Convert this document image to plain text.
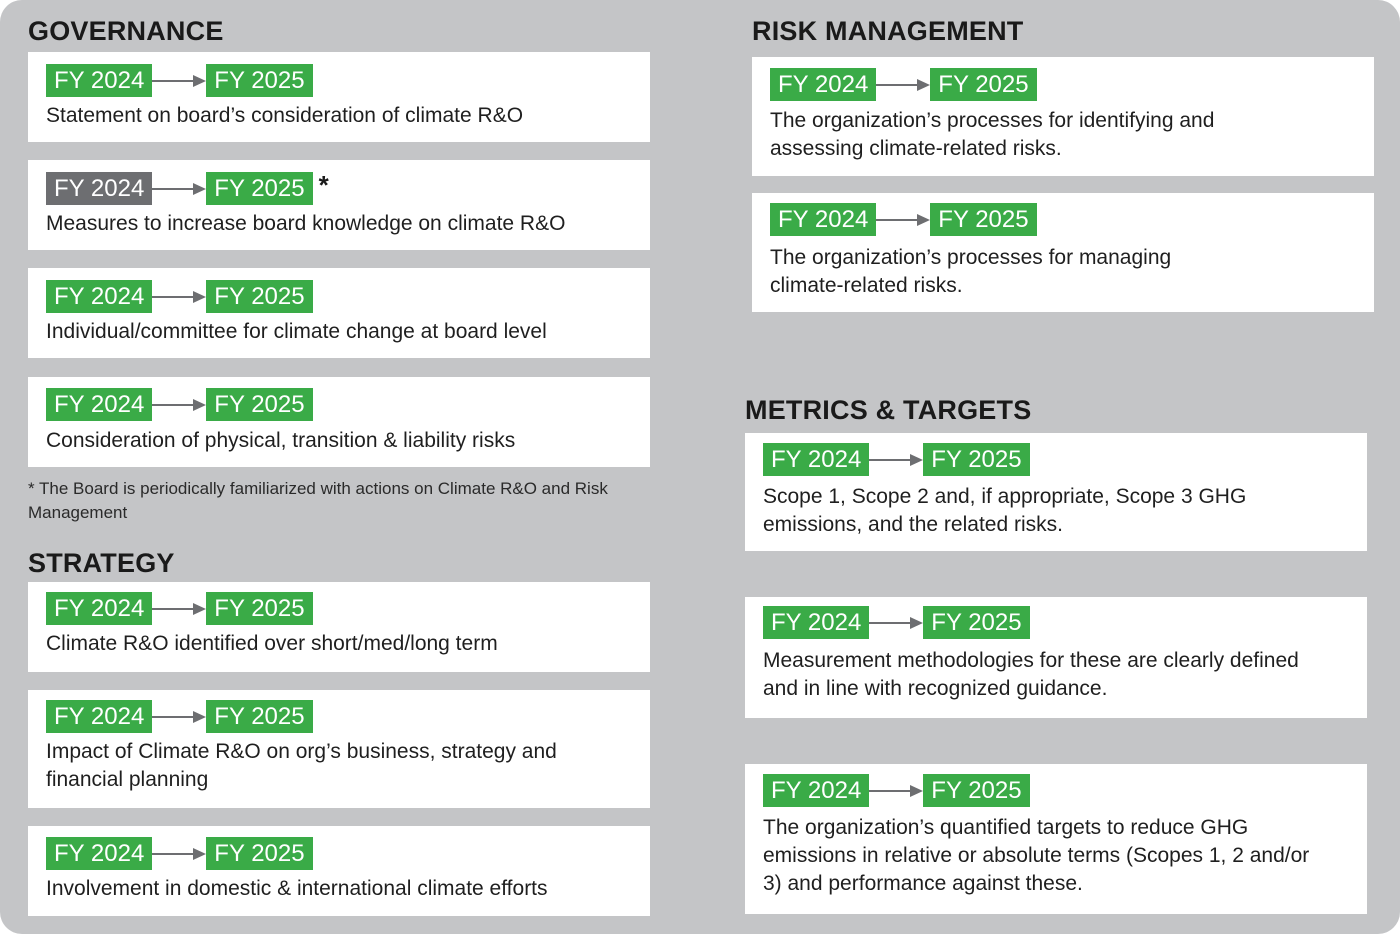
GOVERNANCE
FY 2024	FY 2025
Statement on board’s consideration of climate R&O
FY 2024	FY 2025 *
Measures to increase board knowledge on climate R&O
FY 2024	FY 2025
Individual/committee for climate change at board level
FY 2024	FY 2025
Consideration of physical, transition & liability risks
* The Board is periodically familiarized with actions on Climate R&O and Risk Management
STRATEGY
FY 2024	FY 2025
Climate R&O identified over short/med/long term
FY 2024	FY 2025
Impact of Climate R&O on org’s business, strategy and
financial planning
FY 2024	FY 2025
Involvement in domestic & international climate efforts
RISK MANAGEMENT
FY 2024	FY 2025
The organization’s processes for identifying and
assessing climate-related risks.
FY 2024	FY 2025
The organization’s processes for managing
climate-related risks.
METRICS & TARGETS
FY 2024	FY 2025
Scope 1, Scope 2 and, if appropriate, Scope 3 GHG
emissions, and the related risks.
FY 2024	FY 2025
Measurement methodologies for these are clearly defined
and in line with recognized guidance.
FY 2024	FY 2025
The organization’s quantified targets to reduce GHG
emissions in relative or absolute terms (Scopes 1, 2 and/or
3) and performance against these.
